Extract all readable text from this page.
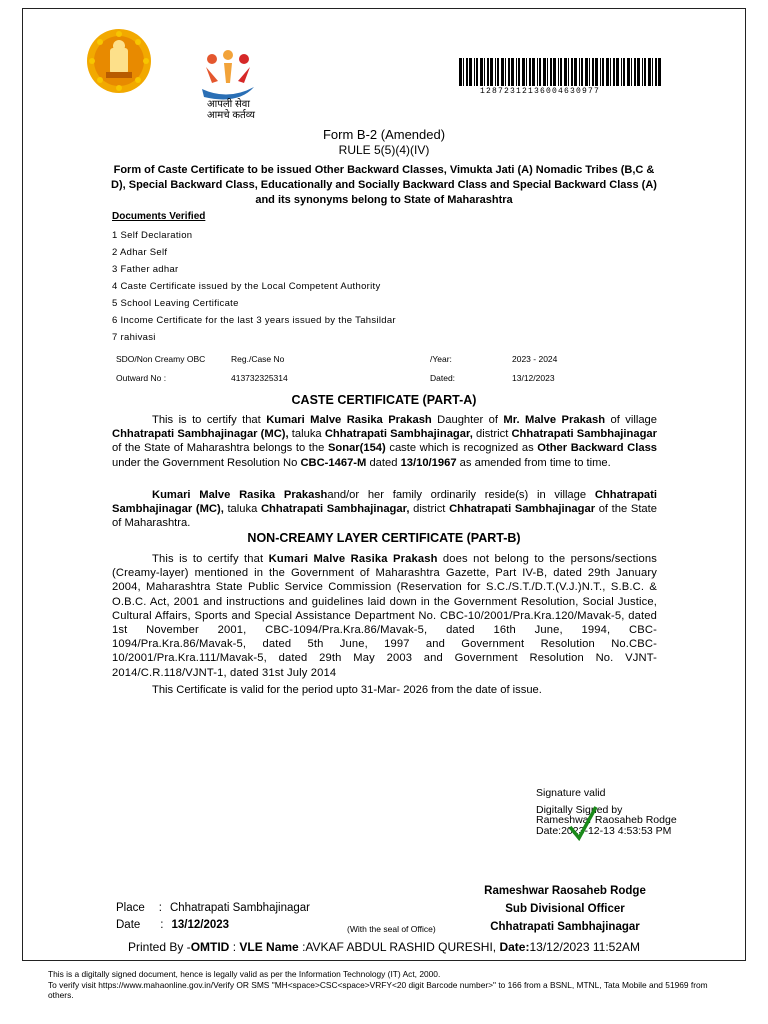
आपली सेवा
आमचे कर्तव्य
12872312136004630977
Form B-2 (Amended)
RULE 5(5)(4)(IV)
Form of Caste Certificate to be issued Other Backward Classes, Vimukta Jati (A) Nomadic Tribes (B,C & D), Special Backward Class, Educationally and Socially Backward Class and Special Backward Class (A) and its synonyms belong to State of Maharashtra
Documents Verified
1 Self Declaration
2 Adhar Self
3 Father adhar
4 Caste Certificate issued by the Local Competent Authority
5 School Leaving Certificate
6 Income Certificate for the last 3 years issued by the Tahsildar
7 rahivasi
SDO/Non Creamy OBC	Reg./Case No	/Year:	2023 - 2024
Outward No :	413732325314	Dated:	13/12/2023
CASTE CERTIFICATE (PART-A)
This is to certify that Kumari Malve Rasika Prakash Daughter of Mr. Malve Prakash of village Chhatrapati Sambhajinagar (MC), taluka Chhatrapati Sambhajinagar, district Chhatrapati Sambhajinagar of the State of Maharashtra belongs to the Sonar(154) caste which is recognized as Other Backward Class under the Government Resolution No CBC-1467-M dated 13/10/1967 as amended from time to time.
Kumari Malve Rasika Prakashand/or her family ordinarily reside(s) in village Chhatrapati Sambhajinagar (MC), taluka Chhatrapati Sambhajinagar, district Chhatrapati Sambhajinagar of the State of Maharashtra.
NON-CREAMY LAYER CERTIFICATE (PART-B)
This is to certify that Kumari Malve Rasika Prakash does not belong to the persons/sections (Creamy-layer) mentioned in the Government of Maharashtra Gazette, Part IV-B, dated 29th January 2004, Maharashtra State Public Service Commission (Reservation for S.C./S.T./D.T.(V.J.)N.T., S.B.C. & O.B.C. Act, 2001 and instructions and guidelines laid down in the Government Resolution, Social Justice, Cultural Affairs, Sports and Special Assistance Department No. CBC-10/2001/Pra.Kra.120/Mavak-5, dated 1st November 2001, CBC-1094/Pra.Kra.86/Mavak-5, dated 16th June, 1994, CBC-1094/Pra.Kra.86/Mavak-5, dated 5th June, 1997 and Government Resolution No.CBC- 10/2001/Pra.Kra.111/Mavak-5, dated 29th May 2003 and Government Resolution No. VJNT-2014/C.R.118/VJNT-1, dated 31st July 2014
This Certificate is valid for the period upto 31-Mar- 2026 from the date of issue.
Signature valid
Digitally Signed by
Rameshwar Raosaheb Rodge
Date:2023-12-13 4:53:53 PM
Rameshwar Raosaheb Rodge
Sub Divisional Officer
Chhatrapati Sambhajinagar
Place : Chhatrapati Sambhajinagar
Date : 13/12/2023	(With the seal of Office)
Printed By -OMTID : VLE Name :AVKAF ABDUL RASHID QURESHI, Date:13/12/2023 11:52AM
This is a digitally signed document, hence is legally valid as per the Information Technology (IT) Act, 2000.
To verify visit https://www.mahaonline.gov.in/Verify OR SMS "MH<space>CSC<space>VRFY<20 digit Barcode number>" to 166 from a BSNL, MTNL, Tata Mobile and 51969 from others.
